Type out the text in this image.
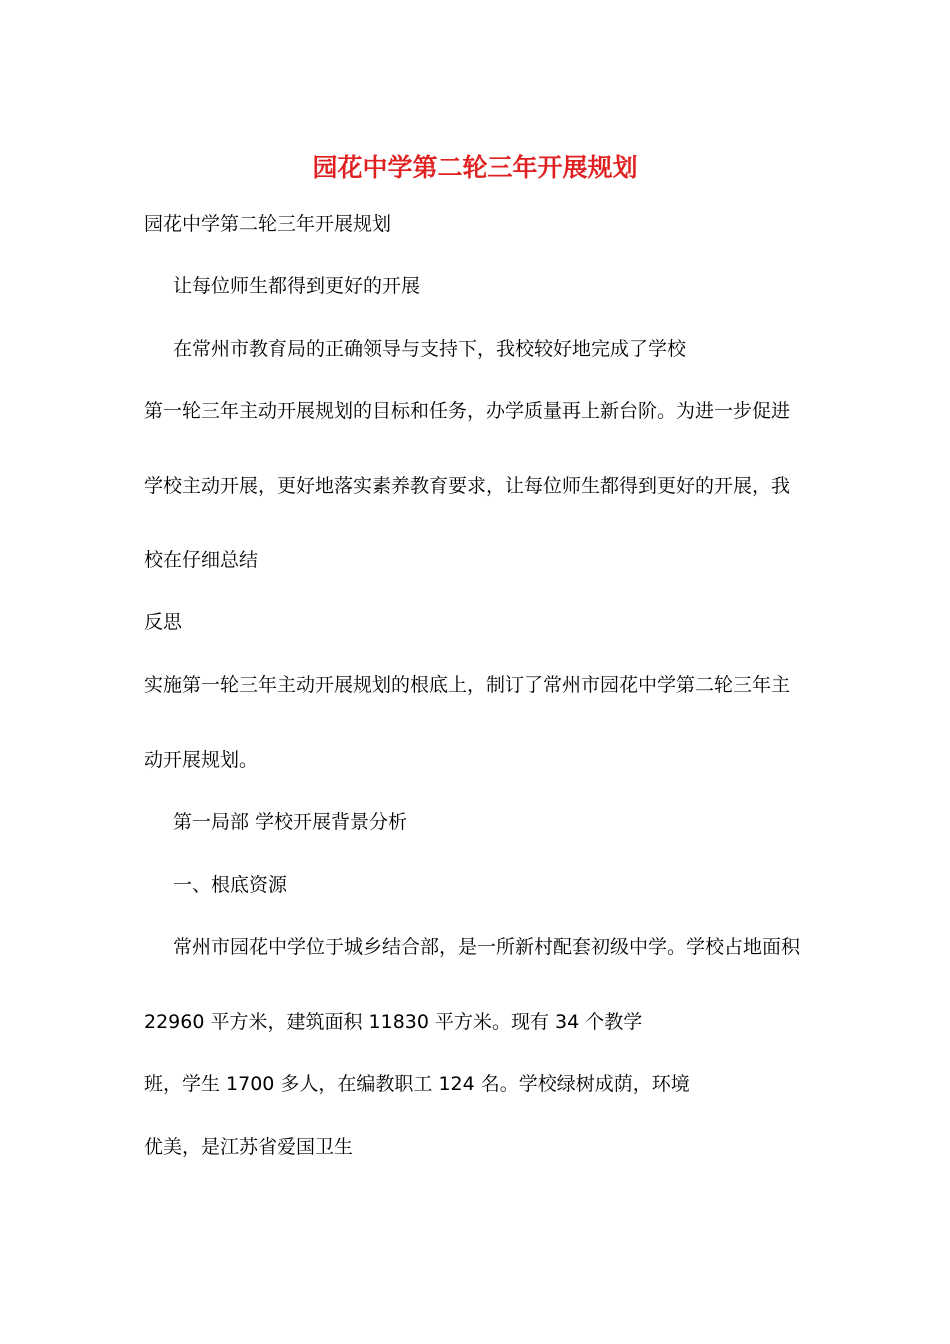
园花中学第二轮三年开展规划
园花中学第二轮三年开展规划
让每位师生都得到更好的开展
在常州市教育局的正确领导与支持下，我校较好地完成了学校
第一轮三年主动开展规划的目标和任务，办学质量再上新台阶。为进一步促进
学校主动开展，更好地落实素养教育要求，让每位师生都得到更好的开展，我
校在仔细总结
反思
实施第一轮三年主动开展规划的根底上，制订了常州市园花中学第二轮三年主
动开展规划。
第一局部 学校开展背景分析
一、根底资源
常州市园花中学位于城乡结合部，是一所新村配套初级中学。学校占地面积
22960 平方米，建筑面积 11830 平方米。现有 34 个教学
班，学生 1700 多人，在编教职工 124 名。学校绿树成荫，环境
优美，是江苏省爱国卫生
